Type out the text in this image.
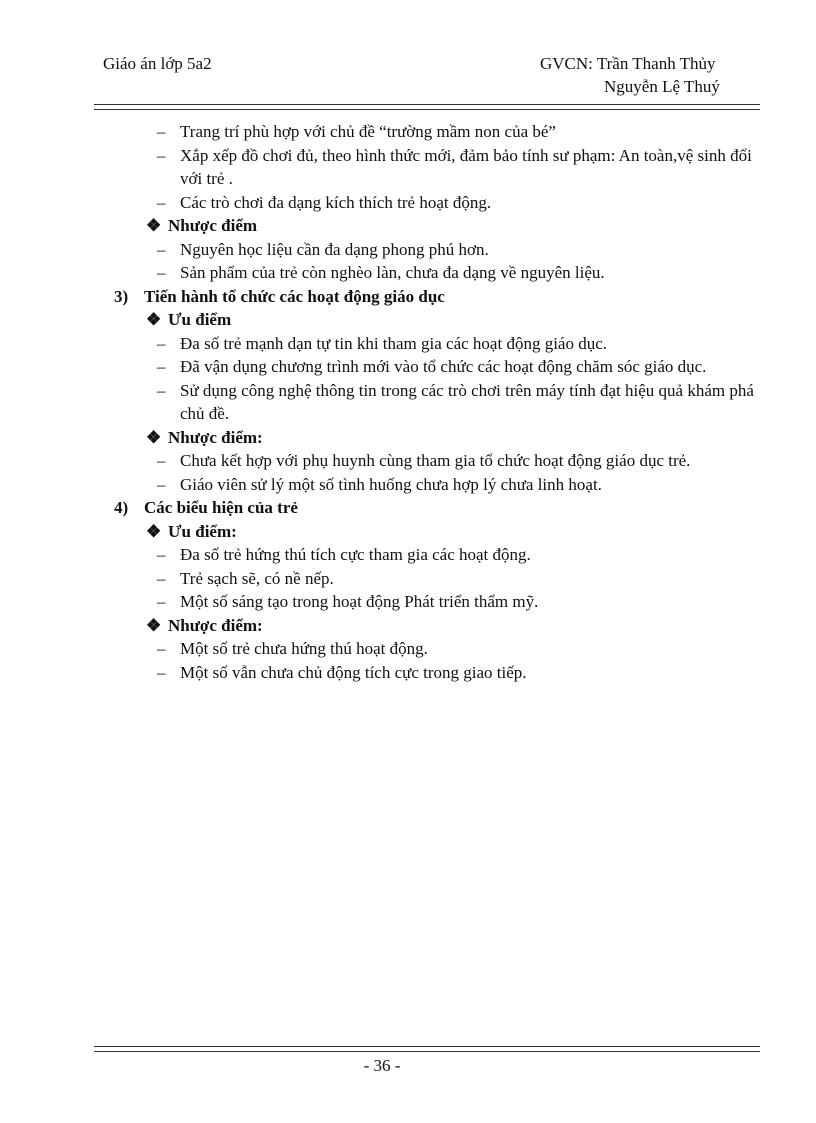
Giáo án lớp 5a2	GVCN: Trần Thanh Thủy
Nguyễn Lệ Thuý
– Trang trí phù hợp với chủ đề “trường mầm non của bé”
– Xắp xếp đồ chơi đủ, theo hình thức mới, đảm bảo tính sư phạm: An toàn,vệ sinh đối với trẻ .
– Các trò chơi đa dạng kích thích trẻ hoạt động.
❖ Nhược điểm
– Nguyên học liệu cần đa dạng phong phú hơn.
– Sản phẩm của trẻ còn nghèo làn, chưa đa dạng về nguyên liệu.
3) Tiến hành tổ chức các hoạt động giáo dục
❖ Ưu điểm
– Đa số trẻ mạnh dạn tự tin khi tham gia các hoạt động giáo dục.
– Đã vận dụng chương trình mới vào tổ chức các hoạt động chăm sóc giáo dục.
– Sử dụng công nghệ thông tin trong các trò chơi trên máy tính đạt hiệu quả khám phá chủ đề.
❖ Nhược điểm:
– Chưa kết hợp với phụ huynh cùng tham gia tổ chức hoạt động giáo dục trẻ.
– Giáo viên sử lý một số tình huống chưa hợp lý chưa linh hoạt.
4) Các biểu hiện của trẻ
❖ Ưu điểm:
– Đa số trẻ hứng thú tích cực tham gia các hoạt động.
– Trẻ sạch sẽ, có nề nếp.
– Một số sáng tạo trong hoạt động Phát triển thẩm mỹ.
❖ Nhược điểm:
– Một số trẻ chưa hứng thú hoạt động.
– Một số vẫn chưa chủ động tích cực trong giao tiếp.
- 36 -
